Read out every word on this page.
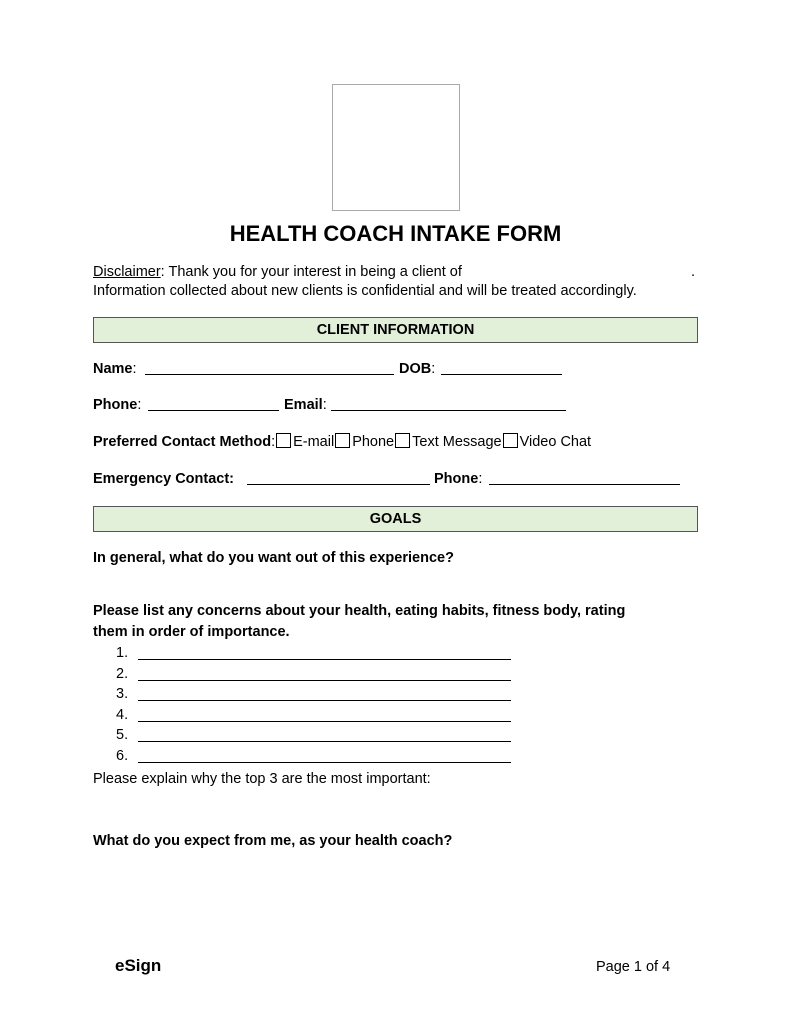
HEALTH COACH INTAKE FORM
Disclaimer: Thank you for your interest in being a client of	.
Information collected about new clients is confidential and will be treated accordingly.
CLIENT INFORMATION
Name:	DOB:
Phone:	Email:
Preferred Contact Method: E-mail Phone Text Message Video Chat
Emergency Contact:	Phone:
GOALS
In general, what do you want out of this experience?
Please list any concerns about your health, eating habits, fitness body, rating
them in order of importance.
1.
2.
3.
4.
5.
6.
Please explain why the top 3 are the most important:
What do you expect from me, as your health coach?
eSign	Page 1 of 4
